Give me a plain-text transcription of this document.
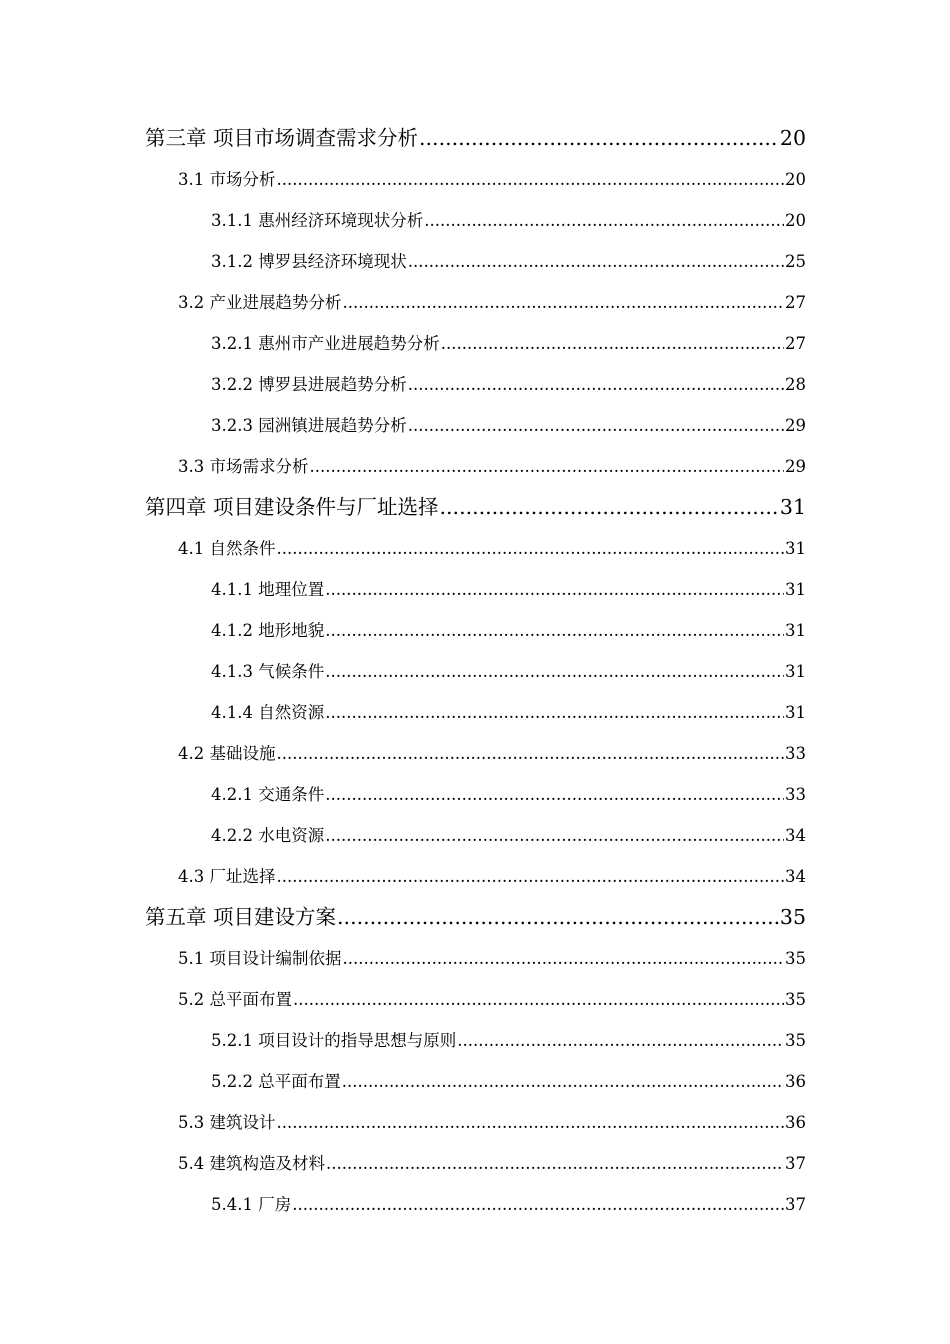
第三章 项目市场调查需求分析 .....	20
3.1 市场分析 .....	20
3.1.1 惠州经济环境现状分析 .....	20
3.1.2 博罗县经济环境现状 .....	25
3.2 产业进展趋势分析 .....	27
3.2.1 惠州市产业进展趋势分析 .....	27
3.2.2 博罗县进展趋势分析 .....	28
3.2.3 园洲镇进展趋势分析 .....	29
3.3 市场需求分析 .....	29
第四章 项目建设条件与厂址选择 .....	31
4.1 自然条件 .....	31
4.1.1 地理位置 .....	31
4.1.2 地形地貌 .....	31
4.1.3 气候条件 .....	31
4.1.4 自然资源 .....	31
4.2 基础设施 .....	33
4.2.1 交通条件 .....	33
4.2.2 水电资源 .....	34
4.3 厂址选择 .....	34
第五章 项目建设方案 .....	35
5.1 项目设计编制依据 .....	35
5.2 总平面布置 .....	35
5.2.1 项目设计的指导思想与原则 .....	35
5.2.2 总平面布置 .....	36
5.3 建筑设计 .....	36
5.4 建筑构造及材料 .....	37
5.4.1 厂房 .....	37
